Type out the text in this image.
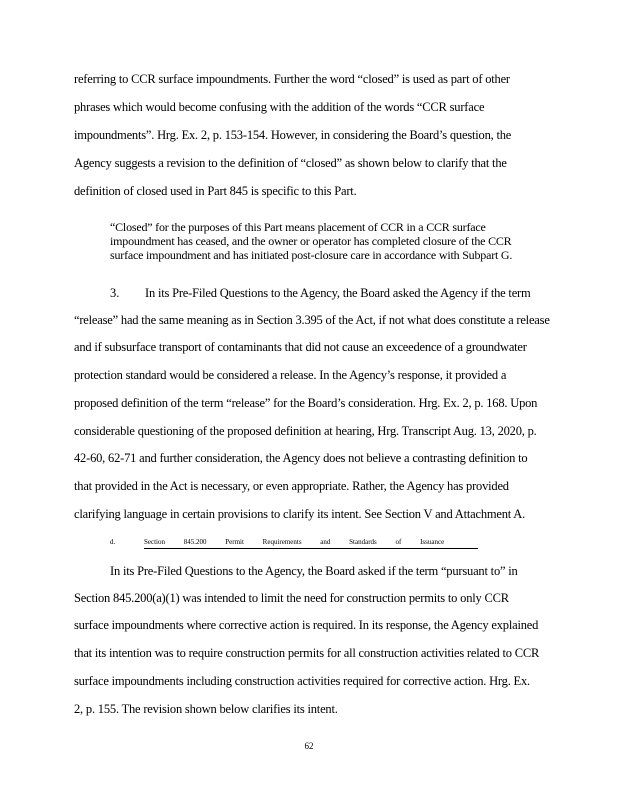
referring to CCR surface impoundments. Further the word “closed” is used as part of other
phrases which would become confusing with the addition of the words “CCR surface
impoundments”. Hrg. Ex. 2, p. 153-154. However, in considering the Board’s question, the
Agency suggests a revision to the definition of “closed” as shown below to clarify that the
definition of closed used in Part 845 is specific to this Part.
“Closed” for the purposes of this Part means placement of CCR in a CCR surface
impoundment has ceased, and the owner or operator has completed closure of the CCR
surface impoundment and has initiated post-closure care in accordance with Subpart G.
3. In its Pre-Filed Questions to the Agency, the Board asked the Agency if the term
“release” had the same meaning as in Section 3.395 of the Act, if not what does constitute a release
and if subsurface transport of contaminants that did not cause an exceedence of a groundwater
protection standard would be considered a release. In the Agency’s response, it provided a
proposed definition of the term “release” for the Board’s consideration. Hrg. Ex. 2, p. 168. Upon
considerable questioning of the proposed definition at hearing, Hrg. Transcript Aug. 13, 2020, p.
42-60, 62-71 and further consideration, the Agency does not believe a contrasting definition to
that provided in the Act is necessary, or even appropriate. Rather, the Agency has provided
clarifying language in certain provisions to clarify its intent. See Section V and Attachment A.
d.	Section 845.200 Permit Requirements and Standards of Issuance
In its Pre-Filed Questions to the Agency, the Board asked if the term “pursuant to” in
Section 845.200(a)(1) was intended to limit the need for construction permits to only CCR
surface impoundments where corrective action is required. In its response, the Agency explained
that its intention was to require construction permits for all construction activities related to CCR
surface impoundments including construction activities required for corrective action. Hrg. Ex.
2, p. 155. The revision shown below clarifies its intent.
62
